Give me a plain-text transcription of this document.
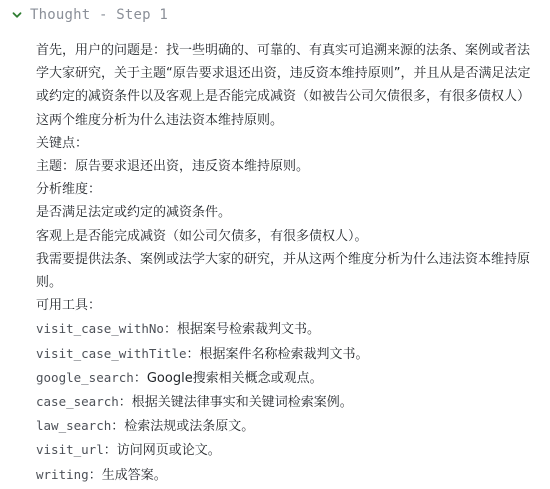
Thought - Step 1

首先，用户的问题是：找一些明确的、可靠的、有真实可追溯来源的法条、案例或者法学大家研究，关于主题“原告要求退还出资，违反资本维持原则”，并且从是否满足法定或约定的减资条件以及客观上是否能完成减资（如被告公司欠债很多，有很多债权人）这两个维度分析为什么违法资本维持原则。

关键点：

主题：原告要求退还出资，违反资本维持原则。

分析维度：

是否满足法定或约定的减资条件。

客观上是否能完成减资（如公司欠债多，有很多债权人）。

我需要提供法条、案例或法学大家的研究，并从这两个维度分析为什么违法资本维持原则。

可用工具：

visit_case_withNo：根据案号检索裁判文书。
visit_case_withTitle：根据案件名称检索裁判文书。
google_search：Google搜索相关概念或观点。
case_search：根据关键法律事实和关键词检索案例。
law_search：检索法规或法条原文。
visit_url：访问网页或论文。
writing：生成答案。
